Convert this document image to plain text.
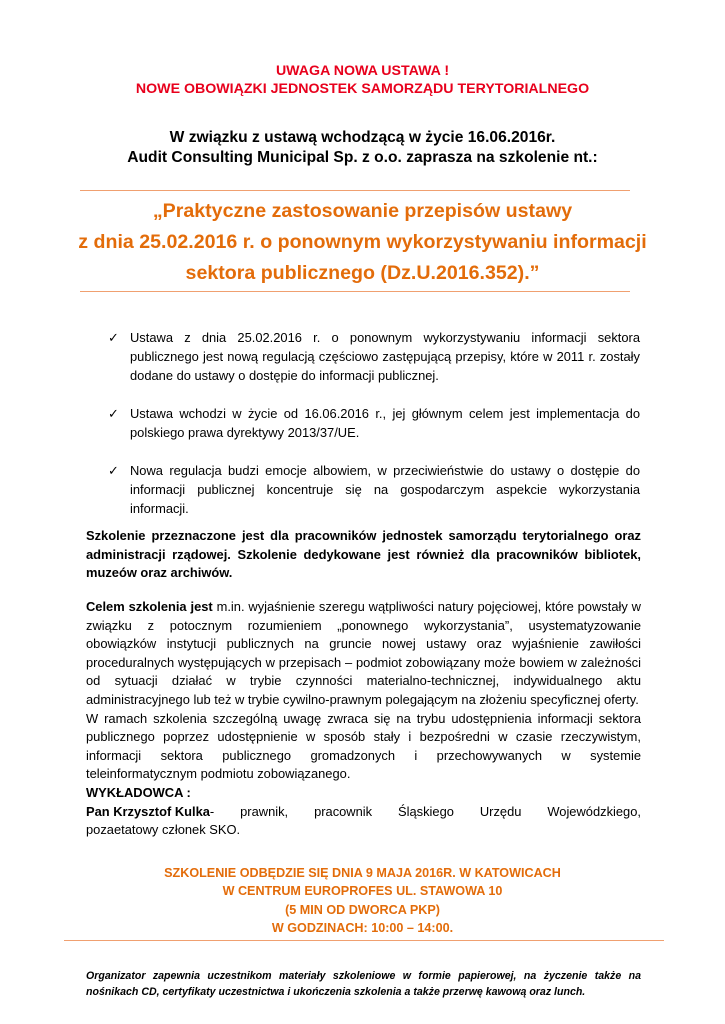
UWAGA NOWA USTAWA !
NOWE OBOWIĄZKI JEDNOSTEK SAMORZĄDU TERYTORIALNEGO
W związku z ustawą wchodzącą w życie 16.06.2016r.
Audit Consulting Municipal Sp. z o.o. zaprasza na szkolenie nt.:
„Praktyczne zastosowanie przepisów ustawy
z dnia 25.02.2016 r. o ponownym wykorzystywaniu informacji
sektora publicznego (Dz.U.2016.352).”
✓ Ustawa z dnia 25.02.2016 r. o ponownym wykorzystywaniu informacji sektora publicznego jest nową regulacją częściowo zastępującą przepisy, które w 2011 r. zostały dodane do ustawy o dostępie do informacji publicznej.
✓ Ustawa wchodzi w życie od 16.06.2016 r., jej głównym celem jest implementacja do polskiego prawa dyrektywy 2013/37/UE.
✓ Nowa regulacja budzi emocje albowiem, w przeciwieństwie do ustawy o dostępie do informacji publicznej koncentruje się na gospodarczym aspekcie wykorzystania informacji.
Szkolenie przeznaczone jest dla pracowników jednostek samorządu terytorialnego oraz administracji rządowej. Szkolenie dedykowane jest również dla pracowników bibliotek, muzeów oraz archiwów.
Celem szkolenia jest m.in. wyjaśnienie szeregu wątpliwości natury pojęciowej, które powstały w związku z potocznym rozumieniem „ponownego wykorzystania”, usystematyzowanie obowiązków instytucji publicznych na gruncie nowej ustawy oraz wyjaśnienie zawiłości proceduralnych występujących w przepisach – podmiot zobowiązany może bowiem w zależności od sytuacji działać w trybie czynności materialno-technicznej, indywidualnego aktu administracyjnego lub też w trybie cywilno-prawnym polegającym na złożeniu specyficznej oferty.
W ramach szkolenia szczególną uwagę zwraca się na trybu udostępnienia informacji sektora publicznego poprzez udostępnienie w sposób stały i bezpośredni w czasie rzeczywistym, informacji sektora publicznego gromadzonych i przechowywanych w systemie teleinformatycznym podmiotu zobowiązanego.
WYKŁADOWCA :
Pan Krzysztof Kulka- prawnik, pracownik Śląskiego Urzędu Wojewódzkiego,
pozaetatowy członek SKO.
SZKOLENIE ODBĘDZIE SIĘ DNIA 9 MAJA 2016R. W KATOWICACH
W CENTRUM EUROPROFES UL. STAWOWA 10
(5 MIN OD DWORCA PKP)
W GODZINACH: 10:00 – 14:00.
Organizator zapewnia uczestnikom materiały szkoleniowe w formie papierowej, na życzenie także na nośnikach CD, certyfikaty uczestnictwa i ukończenia szkolenia a także przerwę kawową oraz lunch.
